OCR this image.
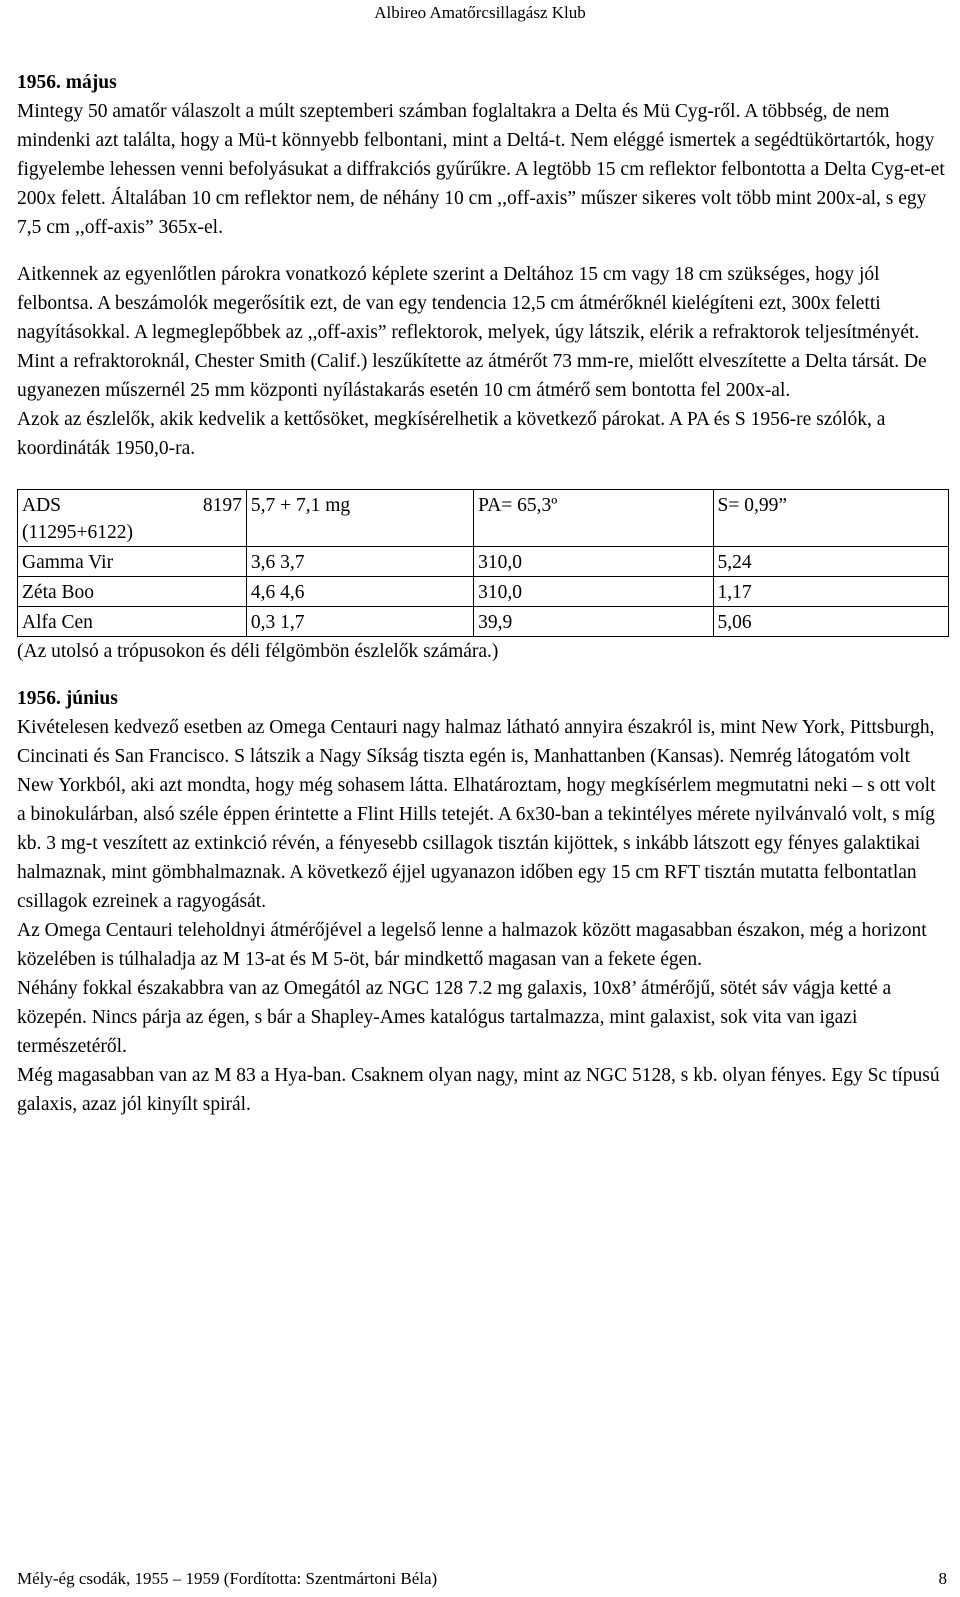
Albireo Amatőrcsillagász Klub

1956. május

Mintegy 50 amatőr válaszolt a múlt szeptemberi számban foglaltakra a Delta és Mü Cyg-ről. A többség, de nem mindenki azt találta, hogy a Mü-t könnyebb felbontani, mint a Deltá-t. Nem eléggé ismertek a segédtükörtartók, hogy figyelembe lehessen venni befolyásukat a diffrakciós gyűrűkre. A legtöbb 15 cm reflektor felbontotta a Delta Cyg-et-et 200x felett. Általában 10 cm reflektor nem, de néhány 10 cm ,,off-axis” műszer sikeres volt több mint 200x-al, s egy 7,5 cm ,,off-axis” 365x-el.

Aitkennek az egyenlőtlen párokra vonatkozó képlete szerint a Deltához 15 cm vagy 18 cm szükséges, hogy jól felbontsa. A beszámolók megerősítik ezt, de van egy tendencia 12,5 cm átmérőknél kielégíteni ezt, 300x feletti nagyításokkal. A legmeglepőbbek az ,,off-axis” reflektorok, melyek, úgy látszik, elérik a refraktorok teljesítményét. Mint a refraktoroknál, Chester Smith (Calif.) leszűkítette az átmérőt 73 mm-re, mielőtt elveszítette a Delta társát. De ugyanezen műszernél 25 mm központi nyílástakarás esetén 10 cm átmérő sem bontotta fel 200x-al.

Azok az észlelők, akik kedvelik a kettősöket, megkísérelhetik a következő párokat. A PA és S 1956-re szólók, a koordináták 1950,0-ra.

ADS 8197
(11295+6122)	5,7 + 7,1 mg	PA= 65,3º	S= 0,99”
Gamma Vir	3,6 3,7	310,0	5,24
Zéta Boo	4,6 4,6	310,0	1,17
Alfa Cen	0,3 1,7	39,9	5,06

(Az utolsó a trópusokon és déli félgömbön észlelők számára.)

1956. június

Kivételesen kedvező esetben az Omega Centauri nagy halmaz látható annyira északról is, mint New York, Pittsburgh, Cincinati és San Francisco. S látszik a Nagy Síkság tiszta egén is, Manhattanben (Kansas). Nemrég látogatóm volt New Yorkból, aki azt mondta, hogy még sohasem látta. Elhatároztam, hogy megkísérlem megmutatni neki – s ott volt a binokulárban, alsó széle éppen érintette a Flint Hills tetejét. A 6x30-ban a tekintélyes mérete nyilvánvaló volt, s míg kb. 3 mg-t veszített az extinkció révén, a fényesebb csillagok tisztán kijöttek, s inkább látszott egy fényes galaktikai halmaznak, mint gömbhalmaznak. A következő éjjel ugyanazon időben egy 15 cm RFT tisztán mutatta felbontatlan csillagok ezreinek a ragyogását.

Az Omega Centauri teleholdnyi átmérőjével a legelső lenne a halmazok között magasabban északon, még a horizont közelében is túlhaladja az M 13-at és M 5-öt, bár mindkettő magasan van a fekete égen.

Néhány fokkal északabbra van az Omegától az NGC 128 7.2 mg galaxis, 10x8’ átmérőjű, sötét sáv vágja ketté a közepén. Nincs párja az égen, s bár a Shapley-Ames katalógus tartalmazza, mint galaxist, sok vita van igazi természetéről.

Még magasabban van az M 83 a Hya-ban. Csaknem olyan nagy, mint az NGC 5128, s kb. olyan fényes. Egy Sc típusú galaxis, azaz jól kinyílt spirál.

Mély-ég csodák, 1955 – 1959 (Fordította: Szentmártoni Béla)	8
